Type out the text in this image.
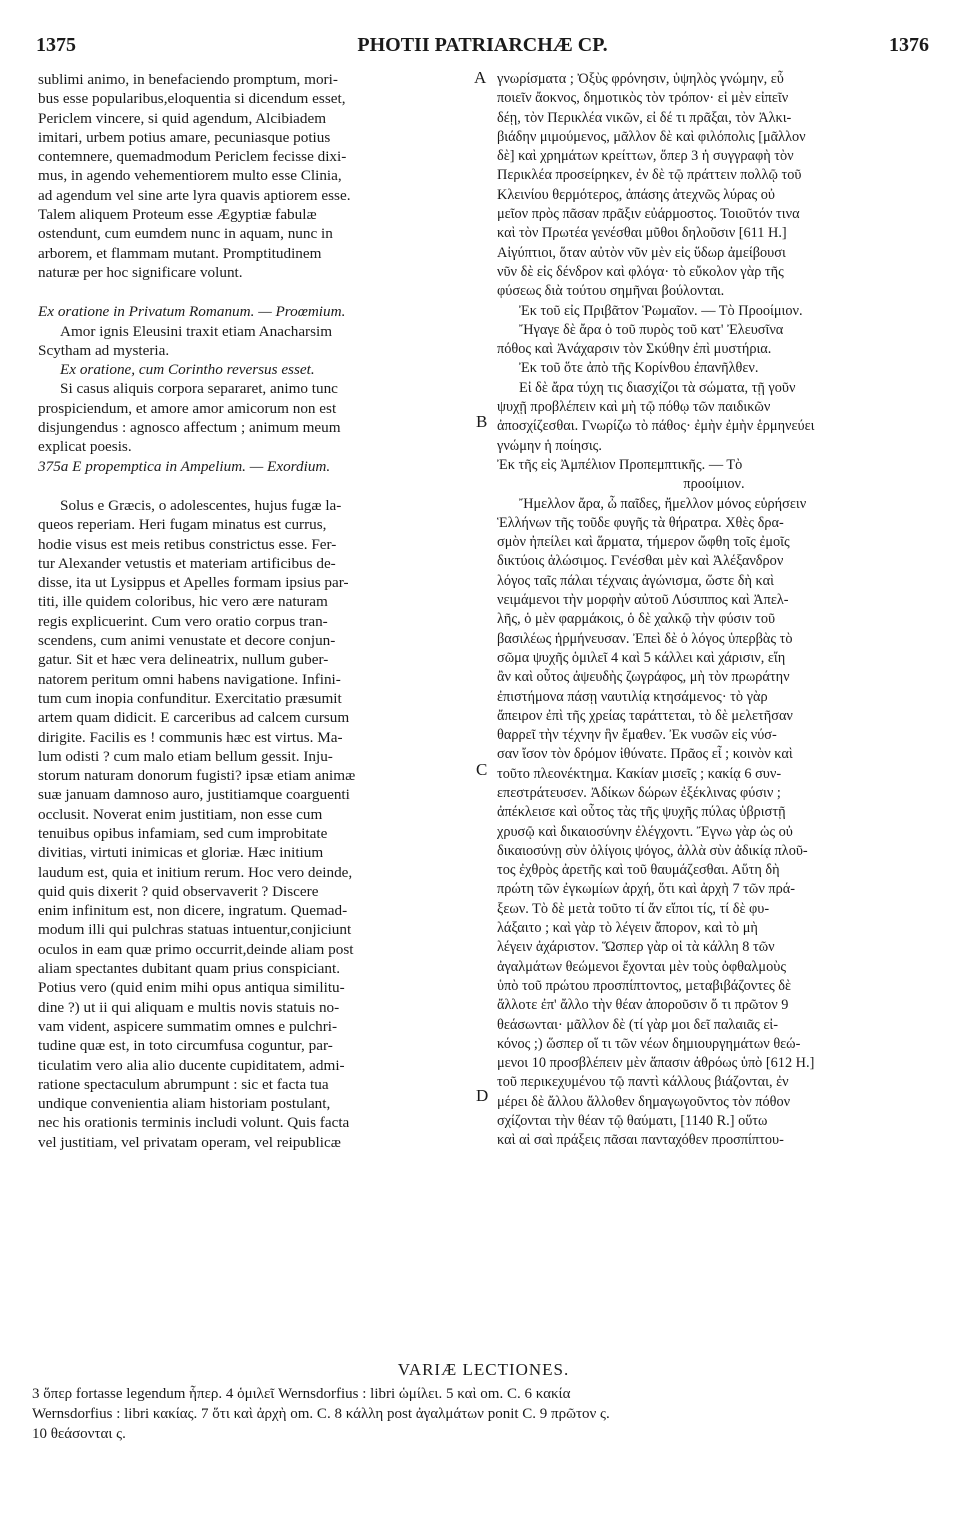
1375	PHOTII PATRIARCHÆ CP.	1376
A
B
C
D
sublimi animo, in benefaciendo promptum, mori-
bus esse popularibus,eloquentia si dicendum esset,
Periclem vincere, si quid agendum, Alcibiadem
imitari, urbem potius amare, pecuniasque potius
contemnere, quemadmodum Periclem fecisse dixi-
mus, in agendo vehementiorem multo esse Clinia,
ad agendum vel sine arte lyra quavis aptiorem esse.
Talem aliquem Proteum esse Ægyptiæ fabulæ
ostendunt, cum eumdem nunc in aquam, nunc in
arborem, et flammam mutant. Promptitudinem
naturæ per hoc significare volunt.
Ex oratione in Privatum Romanum. — Proœmium.
Amor ignis Eleusini traxit etiam Anacharsim
Scytham ad mysteria.
Ex oratione, cum Corintho reversus esset.
Si casus aliquis corpora separaret, animo tunc
prospiciendum, et amore amor amicorum non est
disjungendus : agnosco affectum ; animum meum
explicat poesis.
375a E propemptica in Ampelium. — Exordium.
Solus e Græcis, o adolescentes, hujus fugæ la-
queos reperiam. Heri fugam minatus est currus,
hodie visus est meis retibus constrictus esse. Fer-
tur Alexander vetustis et materiam artificibus de-
disse, ita ut Lysippus et Apelles formam ipsius par-
titi, ille quidem coloribus, hic vero ære naturam
regis explicuerint. Cum vero oratio corpus tran-
scendens, cum animi venustate et decore conjun-
gatur. Sit et hæc vera delineatrix, nullum guber-
natorem peritum omni habens navigatione. Infini-
tum cum inopia confunditur. Exercitatio præsumit
artem quam didicit. E carceribus ad calcem cursum
dirigite. Facilis es ! communis hæc est virtus. Ma-
lum odisti ? cum malo etiam bellum gessit. Inju-
storum naturam donorum fugisti? ipsæ etiam animæ
suæ januam damnoso auro, justitiamque coarguenti
occlusit. Noverat enim justitiam, non esse cum
tenuibus opibus infamiam, sed cum improbitate
divitias, virtuti inimicas et gloriæ. Hæc initium
laudum est, quia et initium rerum. Hoc vero deinde,
quid quis dixerit ? quid observaverit ? Discere
enim infinitum est, non dicere, ingratum. Quemad-
modum illi qui pulchras statuas intuentur,conjiciunt
oculos in eam quæ primo occurrit,deinde aliam post
aliam spectantes dubitant quam prius conspiciant.
Potius vero (quid enim mihi opus antiqua similitu-
dine ?) ut ii qui aliquam e multis novis statuis no-
vam vident, aspicere summatim omnes e pulchri-
tudine quæ est, in toto circumfusa coguntur, par-
ticulatim vero alia alio ducente cupiditatem, admi-
ratione spectaculum abrumpunt : sic et facta tua
undique convenientia aliam historiam postulant,
nec his orationis terminis includi volunt. Quis facta
vel justitiam, vel privatam operam, vel reipublicæ
γνωρίσματα ; Ὀξὺς φρόνησιν, ὑψηλὸς γνώμην, εὖ
ποιεῖν ἄοκνος, δημοτικὸς τὸν τρόπον· εἰ μὲν εἰπεῖν
δέῃ, τὸν Περικλέα νικῶν, εἰ δέ τι πρᾶξαι, τὸν Ἀλκι-
βιάδην μιμούμενος, μᾶλλον δὲ καὶ φιλόπολις [μᾶλλον
δὲ] καὶ χρημάτων κρείττων, ὅπερ 3 ἡ συγγραφὴ τὸν
Περικλέα προσείρηκεν, ἐν δὲ τῷ πράττειν πολλῷ τοῦ
Κλεινίου θερμότερος, ἁπάσης ἀτεχνῶς λύρας οὐ
μεῖον πρὸς πᾶσαν πρᾶξιν εὐάρμοστος. Τοιοῦτόν τινα
καὶ τὸν Πρωτέα γενέσθαι μῦθοι δηλοῦσιν [611 H.]
Αἰγύπτιοι, ὅταν αὐτὸν νῦν μὲν εἰς ὕδωρ ἀμείβουσι
νῦν δὲ εἰς δένδρον καὶ φλόγα· τὸ εὔκολον γὰρ τῆς
φύσεως διὰ τούτου σημῆναι βούλονται.
Ἐκ τοῦ εἰς Πριβᾶτον Ῥωμαῖον. — Τὸ Προοίμιον.
Ἤγαγε δὲ ἄρα ὁ τοῦ πυρὸς τοῦ κατ' Ἐλευσῖνα
πόθος καὶ Ἀνάχαρσιν τὸν Σκύθην ἐπὶ μυστήρια.
Ἐκ τοῦ ὅτε ἀπὸ τῆς Κορίνθου ἐπανῆλθεν.
Εἰ δὲ ἄρα τύχη τις διασχίζοι τὰ σώματα, τῇ γοῦν
ψυχῇ προβλέπειν καὶ μὴ τῷ πόθῳ τῶν παιδικῶν
ἀποσχίζεσθαι. Γνωρίζω τὸ πάθος· ἐμὴν ἐμὴν ἑρμηνεύει
γνώμην ἡ ποίησις.
Ἐκ τῆς εἰς Ἀμπέλιον Προπεμπτικῆς. — Τὸ
προοίμιον.
Ἤμελλον ἄρα, ὦ παῖδες, ἤμελλον μόνος εὑρήσειν
Ἑλλήνων τῆς τοῦδε φυγῆς τὰ θήρατρα. Χθὲς δρα-
σμὸν ἠπείλει καὶ ἅρματα, τήμερον ὤφθη τοῖς ἐμοῖς
δικτύοις ἁλώσιμος. Γενέσθαι μὲν καὶ Ἀλέξανδρον
λόγος ταῖς πάλαι τέχναις ἀγώνισμα, ὥστε δὴ καὶ
νειμάμενοι τὴν μορφὴν αὐτοῦ Λύσιππος καὶ Ἀπελ-
λῆς, ὁ μὲν φαρμάκοις, ὁ δὲ χαλκῷ τὴν φύσιν τοῦ
βασιλέως ἡρμήνευσαν. Ἐπεὶ δὲ ὁ λόγος ὑπερβὰς τὸ
σῶμα ψυχῆς ὁμιλεῖ 4 καὶ 5 κάλλει καὶ χάρισιν, εἴη
ἂν καὶ οὗτος ἀψευδὴς ζωγράφος, μὴ τὸν πρωράτην
ἐπιστήμονα πάσῃ ναυτιλίᾳ κτησάμενος· τὸ γὰρ
ἄπειρον ἐπὶ τῆς χρείας ταράττεται, τὸ δὲ μελετῆσαν
θαρρεῖ τὴν τέχνην ἣν ἔμαθεν. Ἐκ νυσῶν εἰς νύσ-
σαν ἴσον τὸν δρόμον ἰθύνατε. Πρᾶος εἶ ; κοινὸν καὶ
τοῦτο πλεονέκτημα. Κακίαν μισεῖς ; κακίᾳ 6 συν-
επεστράτευσεν. Ἀδίκων δώρων ἐξέκλινας φύσιν ;
ἀπέκλεισε καὶ οὗτος τὰς τῆς ψυχῆς πύλας ὑβριστῇ
χρυσῷ καὶ δικαιοσύνην ἐλέγχοντι. Ἔγνω γὰρ ὡς οὐ
δικαιοσύνῃ σὺν ὀλίγοις ψόγος, ἀλλὰ σὺν ἀδικίᾳ πλοῦ-
τος ἐχθρὸς ἀρετῆς καὶ τοῦ θαυμάζεσθαι. Αὕτη δὴ
πρώτη τῶν ἐγκωμίων ἀρχή, ὅτι καὶ ἀρχὴ 7 τῶν πρά-
ξεων. Τὸ δὲ μετὰ τοῦτο τί ἄν εἴποι τίς, τί δὲ φυ-
λάξαιτο ; καὶ γὰρ τὸ λέγειν ἄπορον, καὶ τὸ μὴ
λέγειν ἀχάριστον. Ὥσπερ γὰρ οἱ τὰ κάλλη 8 τῶν
ἀγαλμάτων θεώμενοι ἔχονται μὲν τοὺς ὀφθαλμοὺς
ὑπὸ τοῦ πρώτου προσπίπτοντος, μεταβιβάζοντες δὲ
ἄλλοτε ἐπ' ἄλλο τὴν θέαν ἀποροῦσιν ὅ τι πρῶτον 9
θεάσωνται· μᾶλλον δὲ (τί γὰρ μοι δεῖ παλαιᾶς εἰ-
κόνος ;) ὥσπερ οἵ τι τῶν νέων δημιουργημάτων θεώ-
μενοι 10 προσβλέπειν μὲν ἅπασιν ἀθρόως ὑπὸ [612 H.]
τοῦ περικεχυμένου τῷ παντὶ κάλλους βιάζονται, ἐν
μέρει δὲ ἄλλου ἄλλοθεν δημαγωγοῦντος τὸν πόθον
σχίζονται τὴν θέαν τῷ θαύματι, [1140 R.] οὕτω
καὶ αἱ σαὶ πράξεις πᾶσαι πανταχόθεν προσπίπτου-
VARIÆ LECTIONES.
3 ὅπερ fortasse legendum ἧπερ. 4 ὁμιλεῖ Wernsdorfius : libri ὡμίλει. 5 καὶ om. C. 6 κακία
Wernsdorfius : libri κακίας. 7 ὅτι καὶ ἀρχὴ om. C. 8 κάλλη post ἀγαλμάτων ponit C. 9 πρῶτον ς.
10 θεάσονται ς.
